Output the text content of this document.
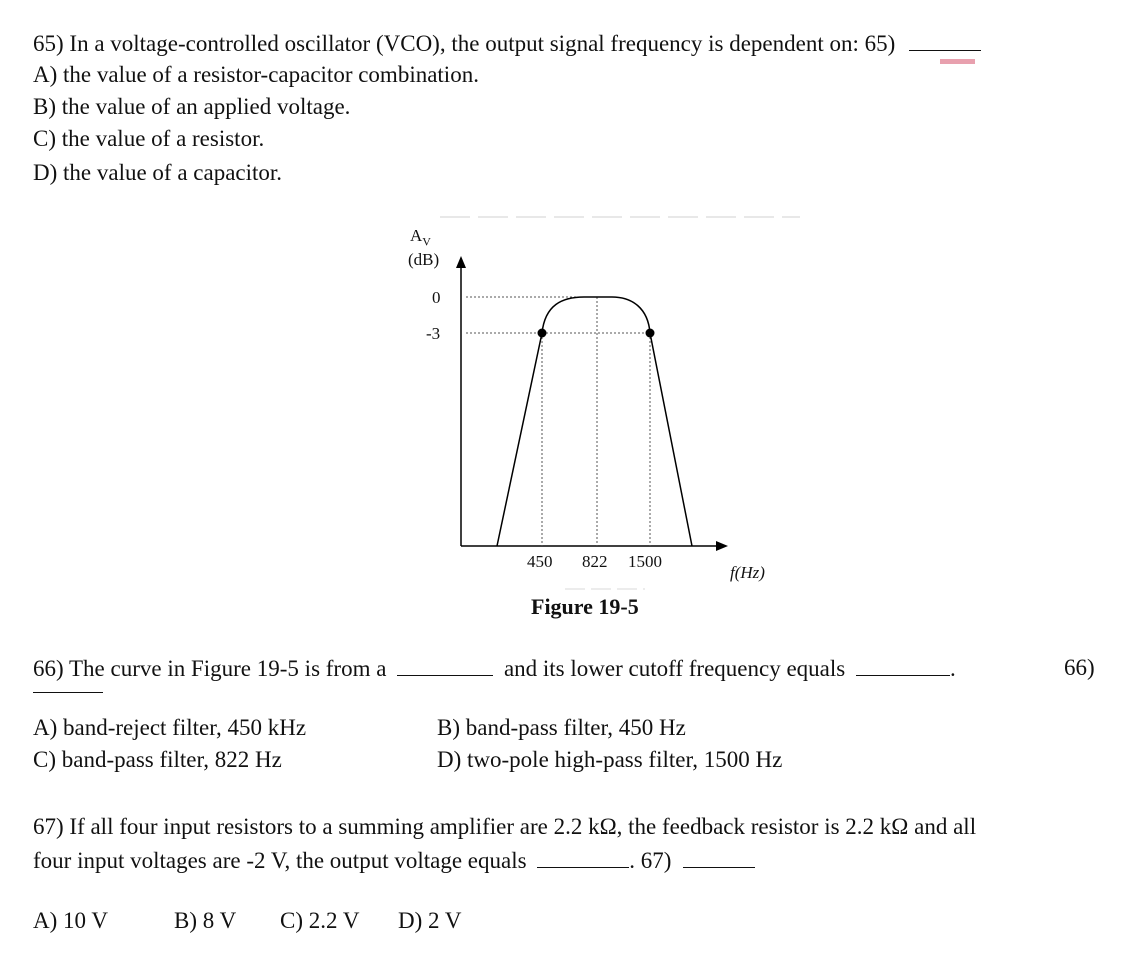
65) In a voltage-controlled oscillator (VCO), the output signal frequency is dependent on: 65)
A) the value of a resistor-capacitor combination.
B) the value of an applied voltage.
C) the value of a resistor.
D) the value of a capacitor.
$A_V$
(dB)
0
-3
450 822 1500
f(Hz)
Figure 19-5
66) The curve in Figure 19-5 is from a	and its lower cutoff frequency equals	.	66)
A) band-reject filter, 450 kHz	B) band-pass filter, 450 Hz
C) band-pass filter, 822 Hz	D) two-pole high-pass filter, 1500 Hz
67) If all four input resistors to a summing amplifier are 2.2 kΩ, the feedback resistor is 2.2 kΩ and all
four input voltages are -2 V, the output voltage equals	. 67)
A) 10 V	B) 8 V C) 2.2 V D) 2 V
